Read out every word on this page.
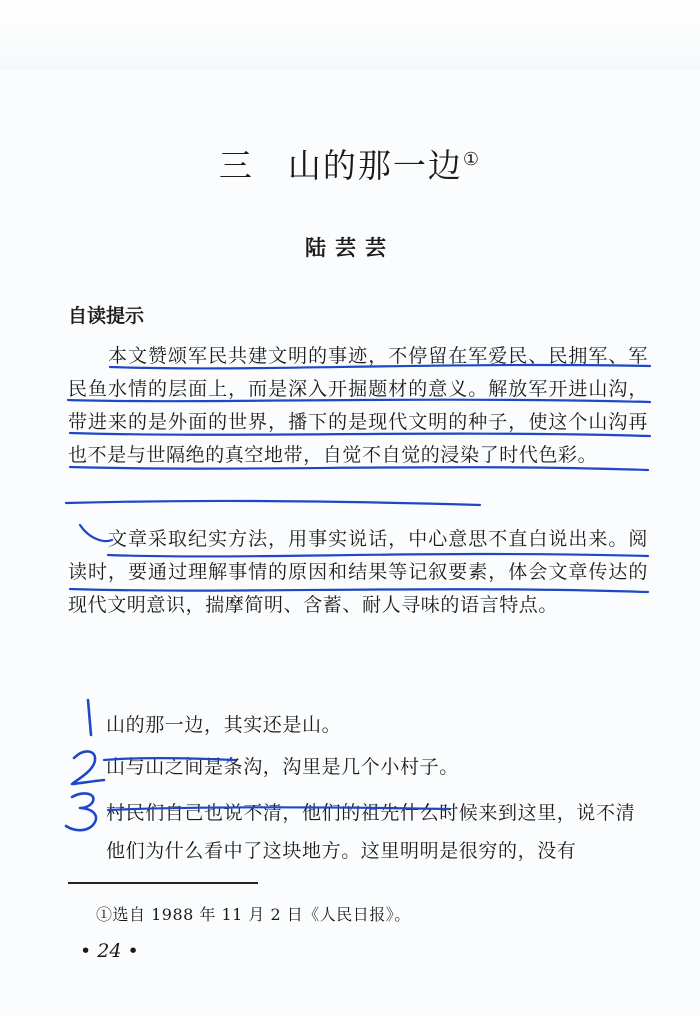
三 山的那一边①
陆芸芸
自读提示

本文赞颂军民共建文明的事迹，不停留在军爱民、民拥军、军民鱼水情的层面上，而是深入开掘题材的意义。解放军开进山沟，带进来的是外面的世界，播下的是现代文明的种子，使这个山沟再也不是与世隔绝的真空地带，自觉不自觉的浸染了时代色彩。

文章采取纪实方法，用事实说话，中心意思不直白说出来。阅读时，要通过理解事情的原因和结果等记叙要素，体会文章传达的现代文明意识，揣摩简明、含蓄、耐人寻味的语言特点。

山的那一边，其实还是山。

山与山之间是条沟，沟里是几个小村子。

村民们自己也说不清，他们的祖先什么时候来到这里，说不清他们为什么看中了这块地方。这里明明是很穷的，没有

①选自 1988 年 11 月 2 日《人民日报》。
• 24 •
